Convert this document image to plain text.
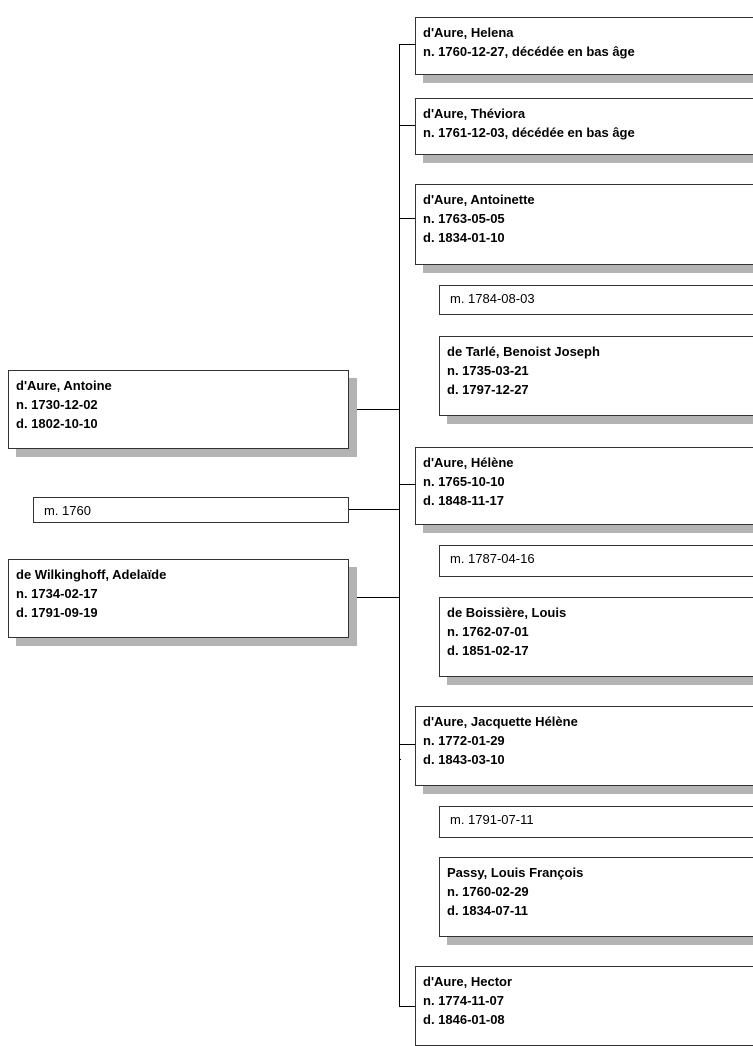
d'Aure, Antoine
n. 1730-12-02
d. 1802-10-10
m. 1760
de Wilkinghoff, Adelaïde
n. 1734-02-17
d. 1791-09-19
d'Aure, Helena
n. 1760-12-27, décédée en bas âge
d'Aure, Théviora
n. 1761-12-03, décédée en bas âge
d'Aure, Antoinette
n. 1763-05-05
d. 1834-01-10
m. 1784-08-03
de Tarlé, Benoist Joseph
n. 1735-03-21
d. 1797-12-27
d'Aure, Hélène
n. 1765-10-10
d. 1848-11-17
m. 1787-04-16
de Boissière, Louis
n. 1762-07-01
d. 1851-02-17
d'Aure, Jacquette Hélène
n. 1772-01-29
d. 1843-03-10
m. 1791-07-11
Passy, Louis François
n. 1760-02-29
d. 1834-07-11
d'Aure, Hector
n. 1774-11-07
d. 1846-01-08
